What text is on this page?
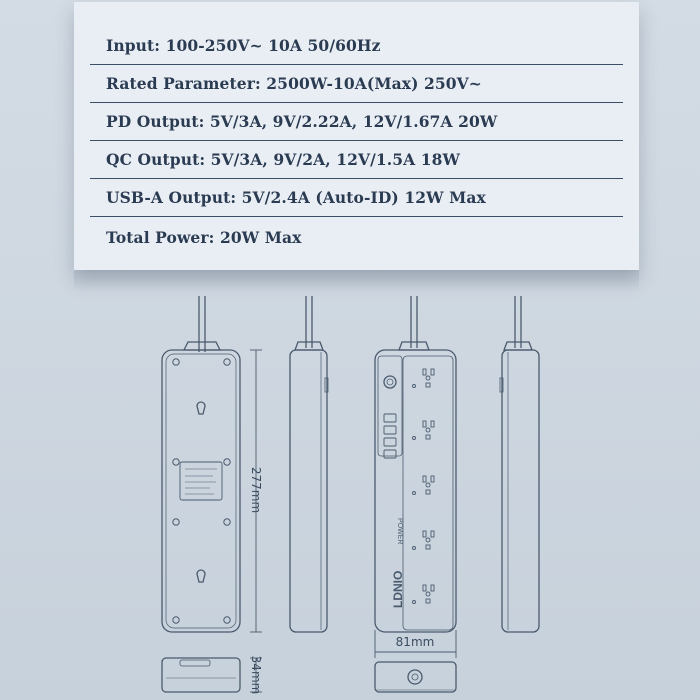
Input: 100-250V~ 10A 50/60Hz
Rated Parameter: 2500W-10A(Max) 250V~
PD Output: 5V/3A, 9V/2.22A, 12V/1.67A 20W
QC Output: 5V/3A, 9V/2A, 12V/1.5A 18W
USB-A Output: 5V/2.4A (Auto-ID) 12W Max
Total Power: 20W Max
LDNIO
POWER
277mm
81mm
34mm
